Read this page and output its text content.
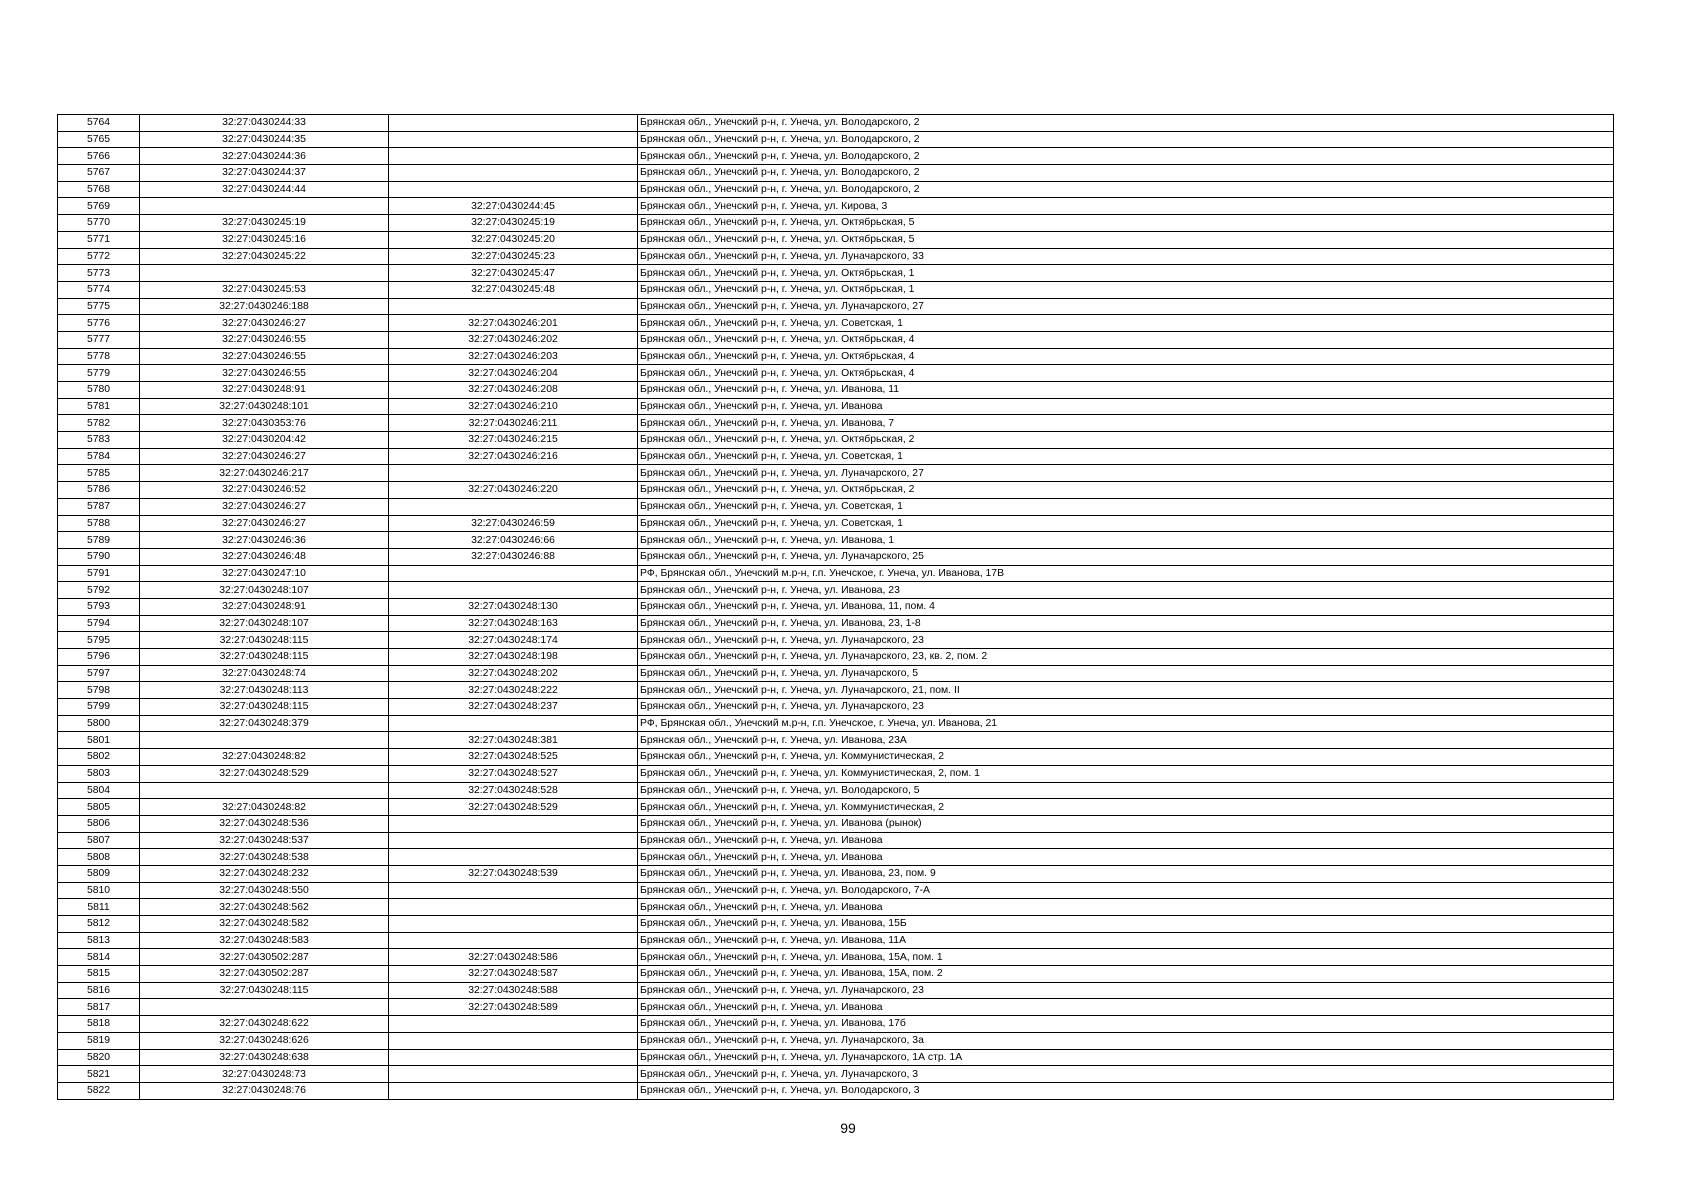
5764	32:27:0430244:33		Брянская обл., Унечский р-н, г. Унеча, ул. Володарского, 2
5765	32:27:0430244:35		Брянская обл., Унечский р-н, г. Унеча, ул. Володарского, 2
5766	32:27:0430244:36		Брянская обл., Унечский р-н, г. Унеча, ул. Володарского, 2
5767	32:27:0430244:37		Брянская обл., Унечский р-н, г. Унеча, ул. Володарского, 2
5768	32:27:0430244:44		Брянская обл., Унечский р-н, г. Унеча, ул. Володарского, 2
5769		32:27:0430244:45	Брянская обл., Унечский р-н, г. Унеча, ул. Кирова, 3
5770	32:27:0430245:19	32:27:0430245:19	Брянская обл., Унечский р-н, г. Унеча, ул. Октябрьская, 5
5771	32:27:0430245:16	32:27:0430245:20	Брянская обл., Унечский р-н, г. Унеча, ул. Октябрьская, 5
5772	32:27:0430245:22	32:27:0430245:23	Брянская обл., Унечский р-н, г. Унеча, ул. Луначарского, 33
5773		32:27:0430245:47	Брянская обл., Унечский р-н, г. Унеча, ул. Октябрьская, 1
5774	32:27:0430245:53	32:27:0430245:48	Брянская обл., Унечский р-н, г. Унеча, ул. Октябрьская, 1
5775	32:27:0430246:188		Брянская обл., Унечский р-н, г. Унеча, ул. Луначарского, 27
5776	32:27:0430246:27	32:27:0430246:201	Брянская обл., Унечский р-н, г. Унеча, ул. Советская, 1
5777	32:27:0430246:55	32:27:0430246:202	Брянская обл., Унечский р-н, г. Унеча, ул. Октябрьская, 4
5778	32:27:0430246:55	32:27:0430246:203	Брянская обл., Унечский р-н, г. Унеча, ул. Октябрьская, 4
5779	32:27:0430246:55	32:27:0430246:204	Брянская обл., Унечский р-н, г. Унеча, ул. Октябрьская, 4
5780	32:27:0430248:91	32:27:0430246:208	Брянская обл., Унечский р-н, г. Унеча, ул. Иванова, 11
5781	32:27:0430248:101	32:27:0430246:210	Брянская обл., Унечский р-н, г. Унеча, ул. Иванова
5782	32:27:0430353:76	32:27:0430246:211	Брянская обл., Унечский р-н, г. Унеча, ул. Иванова, 7
5783	32:27:0430204:42	32:27:0430246:215	Брянская обл., Унечский р-н, г. Унеча, ул. Октябрьская, 2
5784	32:27:0430246:27	32:27:0430246:216	Брянская обл., Унечский р-н, г. Унеча, ул. Советская, 1
5785	32:27:0430246:217		Брянская обл., Унечский р-н, г. Унеча, ул. Луначарского, 27
5786	32:27:0430246:52	32:27:0430246:220	Брянская обл., Унечский р-н, г. Унеча, ул. Октябрьская, 2
5787	32:27:0430246:27		Брянская обл., Унечский р-н, г. Унеча, ул. Советская, 1
5788	32:27:0430246:27	32:27:0430246:59	Брянская обл., Унечский р-н, г. Унеча, ул. Советская, 1
5789	32:27:0430246:36	32:27:0430246:66	Брянская обл., Унечский р-н, г. Унеча, ул. Иванова, 1
5790	32:27:0430246:48	32:27:0430246:88	Брянская обл., Унечский р-н, г. Унеча, ул. Луначарского, 25
5791	32:27:0430247:10		РФ, Брянская обл., Унечский м.р-н, г.п. Унечское, г. Унеча, ул. Иванова, 17В
5792	32:27:0430248:107		Брянская обл., Унечский р-н, г. Унеча, ул. Иванова, 23
5793	32:27:0430248:91	32:27:0430248:130	Брянская обл., Унечский р-н, г. Унеча, ул. Иванова, 11, пом. 4
5794	32:27:0430248:107	32:27:0430248:163	Брянская обл., Унечский р-н, г. Унеча, ул. Иванова, 23, 1-8
5795	32:27:0430248:115	32:27:0430248:174	Брянская обл., Унечский р-н, г. Унеча, ул. Луначарского, 23
5796	32:27:0430248:115	32:27:0430248:198	Брянская обл., Унечский р-н, г. Унеча, ул. Луначарского, 23, кв. 2, пом. 2
5797	32:27:0430248:74	32:27:0430248:202	Брянская обл., Унечский р-н, г. Унеча, ул. Луначарского, 5
5798	32:27:0430248:113	32:27:0430248:222	Брянская обл., Унечский р-н, г. Унеча, ул. Луначарского, 21, пом. II
5799	32:27:0430248:115	32:27:0430248:237	Брянская обл., Унечский р-н, г. Унеча, ул. Луначарского, 23
5800	32:27:0430248:379		РФ, Брянская обл., Унечский м.р-н, г.п. Унечское, г. Унеча, ул. Иванова, 21
5801		32:27:0430248:381	Брянская обл., Унечский р-н, г. Унеча, ул. Иванова, 23А
5802	32:27:0430248:82	32:27:0430248:525	Брянская обл., Унечский р-н, г. Унеча, ул. Коммунистическая, 2
5803	32:27:0430248:529	32:27:0430248:527	Брянская обл., Унечский р-н, г. Унеча, ул. Коммунистическая, 2, пом. 1
5804		32:27:0430248:528	Брянская обл., Унечский р-н, г. Унеча, ул. Володарского, 5
5805	32:27:0430248:82	32:27:0430248:529	Брянская обл., Унечский р-н, г. Унеча, ул. Коммунистическая, 2
5806	32:27:0430248:536		Брянская обл., Унечский р-н, г. Унеча, ул. Иванова (рынок)
5807	32:27:0430248:537		Брянская обл., Унечский р-н, г. Унеча, ул. Иванова
5808	32:27:0430248:538		Брянская обл., Унечский р-н, г. Унеча, ул. Иванова
5809	32:27:0430248:232	32:27:0430248:539	Брянская обл., Унечский р-н, г. Унеча, ул. Иванова, 23, пом. 9
5810	32:27:0430248:550		Брянская обл., Унечский р-н, г. Унеча, ул. Володарского, 7-А
5811	32:27:0430248:562		Брянская обл., Унечский р-н, г. Унеча, ул. Иванова
5812	32:27:0430248:582		Брянская обл., Унечский р-н, г. Унеча, ул. Иванова, 15Б
5813	32:27:0430248:583		Брянская обл., Унечский р-н, г. Унеча, ул. Иванова, 11А
5814	32:27:0430502:287	32:27:0430248:586	Брянская обл., Унечский р-н, г. Унеча, ул. Иванова, 15А, пом. 1
5815	32:27:0430502:287	32:27:0430248:587	Брянская обл., Унечский р-н, г. Унеча, ул. Иванова, 15А, пом. 2
5816	32:27:0430248:115	32:27:0430248:588	Брянская обл., Унечский р-н, г. Унеча, ул. Луначарского, 23
5817		32:27:0430248:589	Брянская обл., Унечский р-н, г. Унеча, ул. Иванова
5818	32:27:0430248:622		Брянская обл., Унечский р-н, г. Унеча, ул. Иванова, 17б
5819	32:27:0430248:626		Брянская обл., Унечский р-н, г. Унеча, ул. Луначарского, 3а
5820	32:27:0430248:638		Брянская обл., Унечский р-н, г. Унеча, ул. Луначарского, 1А стр. 1А
5821	32:27:0430248:73		Брянская обл., Унечский р-н, г. Унеча, ул. Луначарского, 3
5822	32:27:0430248:76		Брянская обл., Унечский р-н, г. Унеча, ул. Володарского, 3
99
